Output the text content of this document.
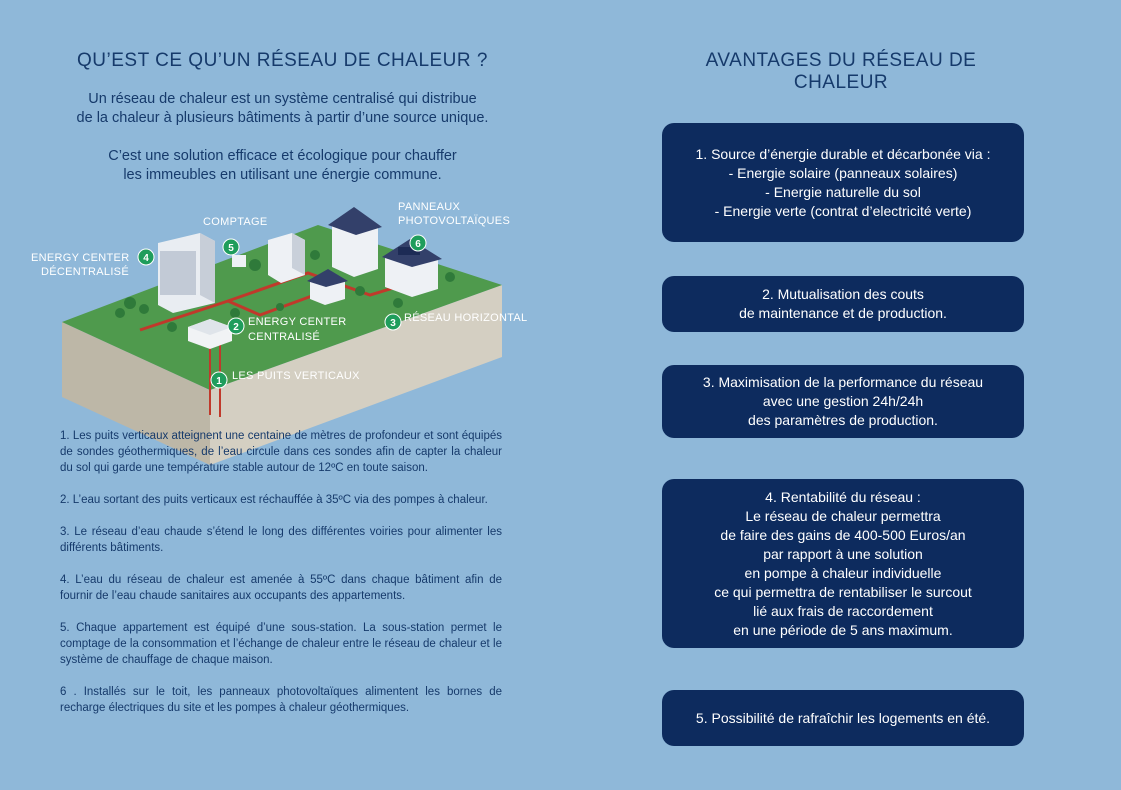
QU’EST CE QU’UN RÉSEAU DE CHALEUR ?

Un réseau de chaleur est un système centralisé qui distribue
de la chaleur à plusieurs bâtiments à partir d’une source unique.

C’est une solution efficace et écologique pour chauffer
les immeubles en utilisant une énergie commune.

COMPTAGE
PANNEAUX
PHOTOVOLTAÏQUES
ENERGY CENTER
DÉCENTRALISÉ
ENERGY CENTER
CENTRALISÉ
RÉSEAU HORIZONTAL
LES PUITS VERTICAUX
4
5	6
2	3
1

1. Les puits verticaux atteignent une centaine de mètres de profondeur et sont équipés de sondes géothermiques, de l’eau circule dans ces sondes afin de capter la chaleur du sol qui garde une température stable autour de 12ºC en toute saison.

2. L’eau sortant des puits verticaux est réchauffée à 35ºC via des pompes à chaleur.

3. Le réseau d’eau chaude s’étend le long des différentes voiries pour alimenter les différents bâtiments.

4. L’eau du réseau de chaleur est amenée à 55ºC dans chaque bâtiment afin de fournir de l’eau chaude sanitaires aux occupants des appartements.

5. Chaque appartement est équipé d’une sous-station. La sous-station permet le comptage de la consommation et l’échange de chaleur entre le réseau de chaleur et le système de chauffage de chaque maison.

6 . Installés sur le toit, les panneaux photovoltaïques alimentent les bornes de recharge électriques du site et les pompes à chaleur géothermiques.

AVANTAGES DU RÉSEAU DE CHALEUR
1. Source d’énergie durable et décarbonée via :
- Energie solaire (panneaux solaires)
- Energie naturelle du sol
- Energie verte (contrat d’electricité verte)
2. Mutualisation des couts
de maintenance et de production.
3. Maximisation de la performance du réseau
avec une gestion 24h/24h
des paramètres de production.
4. Rentabilité du réseau :
Le réseau de chaleur permettra
de faire des gains de 400-500 Euros/an
par rapport à une solution
en pompe à chaleur individuelle
ce qui permettra de rentabiliser le surcout
lié aux frais de raccordement
en une période de 5 ans maximum.
5. Possibilité de rafraîchir les logements en été.
